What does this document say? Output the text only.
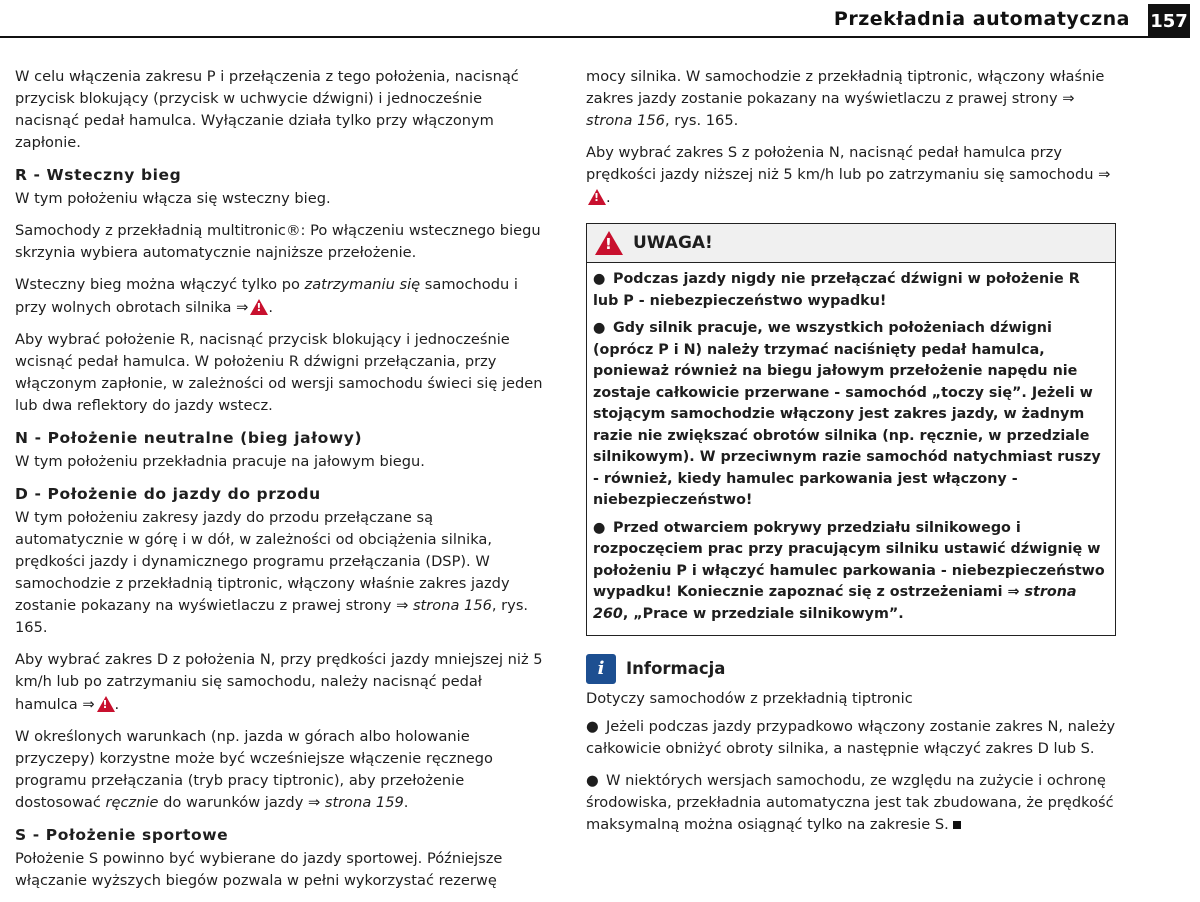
Przekładnia automatyczna 157

W celu włączenia zakresu P i przełączenia z tego położenia, nacisnąć przycisk blokujący (przycisk w uchwycie dźwigni) i jednocześnie nacisnąć pedał hamulca. Wyłączanie działa tylko przy włączonym zapłonie.

R - Wsteczny bieg

W tym położeniu włącza się wsteczny bieg.

Samochody z przekładnią multitronic®: Po włączeniu wstecznego biegu skrzynia wybiera automatycznie najniższe przełożenie.

Wsteczny bieg można włączyć tylko po zatrzymaniu się samochodu i przy wolnych obrotach silnika ⇒ ! .

Aby wybrać położenie R, nacisnąć przycisk blokujący i jednocześnie wcisnąć pedał hamulca. W położeniu R dźwigni przełączania, przy włączonym zapłonie, w zależności od wersji samochodu świeci się jeden lub dwa reflektory do jazdy wstecz.

N - Położenie neutralne (bieg jałowy)

W tym położeniu przekładnia pracuje na jałowym biegu.

D - Położenie do jazdy do przodu

W tym położeniu zakresy jazdy do przodu przełączane są automatycznie w górę i w dół, w zależności od obciążenia silnika, prędkości jazdy i dynamicznego programu przełączania (DSP). W samochodzie z przekładnią tiptronic, włączony właśnie zakres jazdy zostanie pokazany na wyświetlaczu z prawej strony ⇒ strona 156, rys. 165.

Aby wybrać zakres D z położenia N, przy prędkości jazdy mniejszej niż 5 km/h lub po zatrzymaniu się samochodu, należy nacisnąć pedał hamulca ⇒ ! .

W określonych warunkach (np. jazda w górach albo holowanie przyczepy) korzystne może być wcześniejsze włączenie ręcznego programu przełączania (tryb pracy tiptronic), aby przełożenie dostosować ręcznie do warunków jazdy ⇒ strona 159.

S - Położenie sportowe

Położenie S powinno być wybierane do jazdy sportowej. Późniejsze włączanie wyższych biegów pozwala w pełni wykorzystać rezerwę

mocy silnika. W samochodzie z przekładnią tiptronic, włączony właśnie zakres jazdy zostanie pokazany na wyświetlaczu z prawej strony ⇒ strona 156, rys. 165.

Aby wybrać zakres S z położenia N, nacisnąć pedał hamulca przy prędkości jazdy niższej niż 5 km/h lub po zatrzymaniu się samochodu ⇒!.

!
UWAGA!

● Podczas jazdy nigdy nie przełączać dźwigni w położenie R lub P - niebezpieczeństwo wypadku!

● Gdy silnik pracuje, we wszystkich położeniach dźwigni (oprócz P i N) należy trzymać naciśnięty pedał hamulca, ponieważ również na biegu jałowym przełożenie napędu nie zostaje całkowicie przerwane - samochód „toczy się”. Jeżeli w stojącym samochodzie włączony jest zakres jazdy, w żadnym razie nie zwiększać obrotów silnika (np. ręcznie, w przedziale silnikowym). W przeciwnym razie samochód natychmiast ruszy - również, kiedy hamulec parkowania jest włączony - niebezpieczeństwo!

● Przed otwarciem pokrywy przedziału silnikowego i rozpoczęciem prac przy pracującym silniku ustawić dźwignię w położeniu P i włączyć hamulec parkowania - niebezpieczeństwo wypadku! Koniecznie zapoznać się z ostrzeżeniami ⇒ strona 260, „Prace w przedziale silnikowym”.

i	Informacja

Dotyczy samochodów z przekładnią tiptronic

● Jeżeli podczas jazdy przypadkowo włączony zostanie zakres N, należy całkowicie obniżyć obroty silnika, a następnie włączyć zakres D lub S.

● W niektórych wersjach samochodu, ze względu na zużycie i ochronę środowiska, przekładnia automatyczna jest tak zbudowana, że prędkość maksymalną można osiągnąć tylko na zakresie S.
